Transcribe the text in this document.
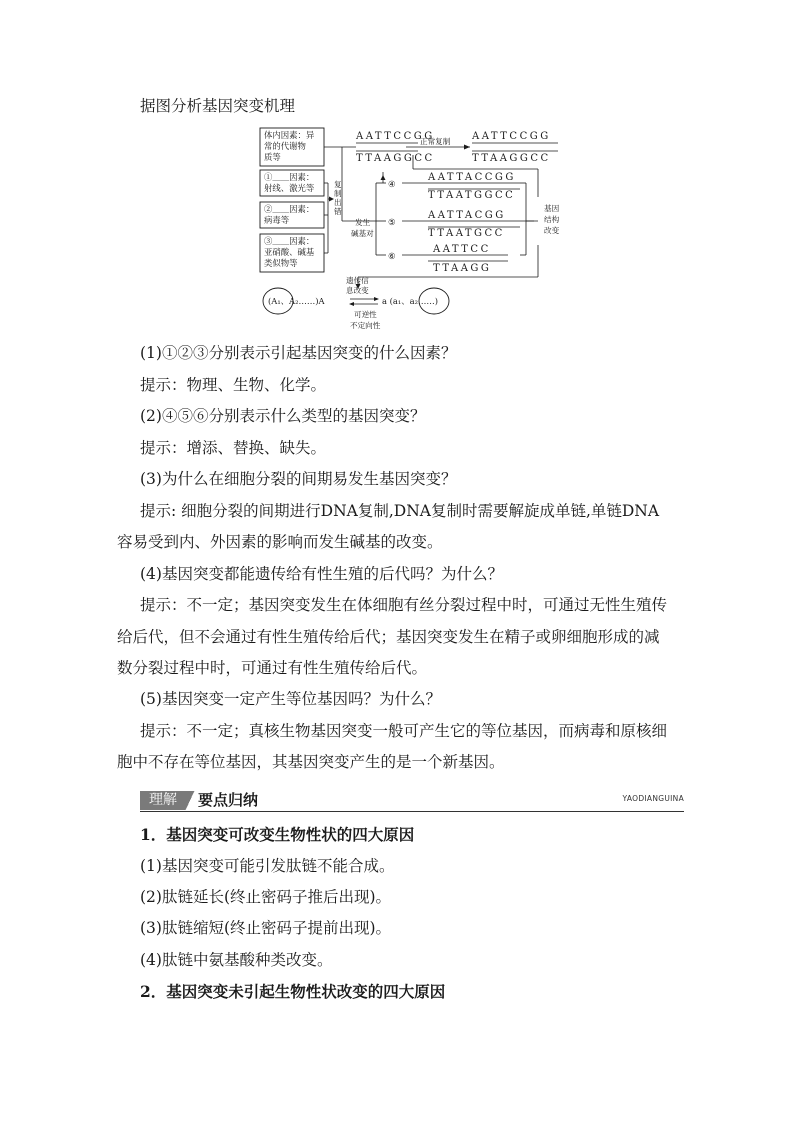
据图分析基因突变机理
体内因素：异
常的代谢物
质等
①＿＿因素：
射线、激光等
②＿＿因素：
病毒等
③＿＿因素：
亚硝酸、碱基
类似物等
AATTCCGG
TTAAGGCC
正常复制 AATTCCGG
TTAAGGCC
复
制
出
错
发生
碱基对
④
⑤
⑥
AATTACCGG
TTAATGGCC
AATTACGG
TTAATGCC
AATTCC
TTAAGG
基因
结构
改变
遗传信
息改变
(A₁、A₂……)A	a (a₁、a₂……)
可逆性
不定向性
(1)①②③分别表示引起基因突变的什么因素？
提示：物理、生物、化学。
(2)④⑤⑥分别表示什么类型的基因突变？
提示：增添、替换、缺失。
(3)为什么在细胞分裂的间期易发生基因突变？
提示: 细胞分裂的间期进行DNA复制,DNA复制时需要解旋成单链,单链DNA
容易受到内、外因素的影响而发生碱基的改变。
(4)基因突变都能遗传给有性生殖的后代吗？为什么？
提示：不一定；基因突变发生在体细胞有丝分裂过程中时，可通过无性生殖传
给后代，但不会通过有性生殖传给后代；基因突变发生在精子或卵细胞形成的减
数分裂过程中时，可通过有性生殖传给后代。
(5)基因突变一定产生等位基因吗？为什么？
提示：不一定；真核生物基因突变一般可产生它的等位基因，而病毒和原核细
胞中不存在等位基因，其基因突变产生的是一个新基因。
理解	要点归纳	YAODIANGUINA
1．基因突变可改变生物性状的四大原因
(1)基因突变可能引发肽链不能合成。
(2)肽链延长(终止密码子推后出现)。
(3)肽链缩短(终止密码子提前出现)。
(4)肽链中氨基酸种类改变。
2．基因突变未引起生物性状改变的四大原因
